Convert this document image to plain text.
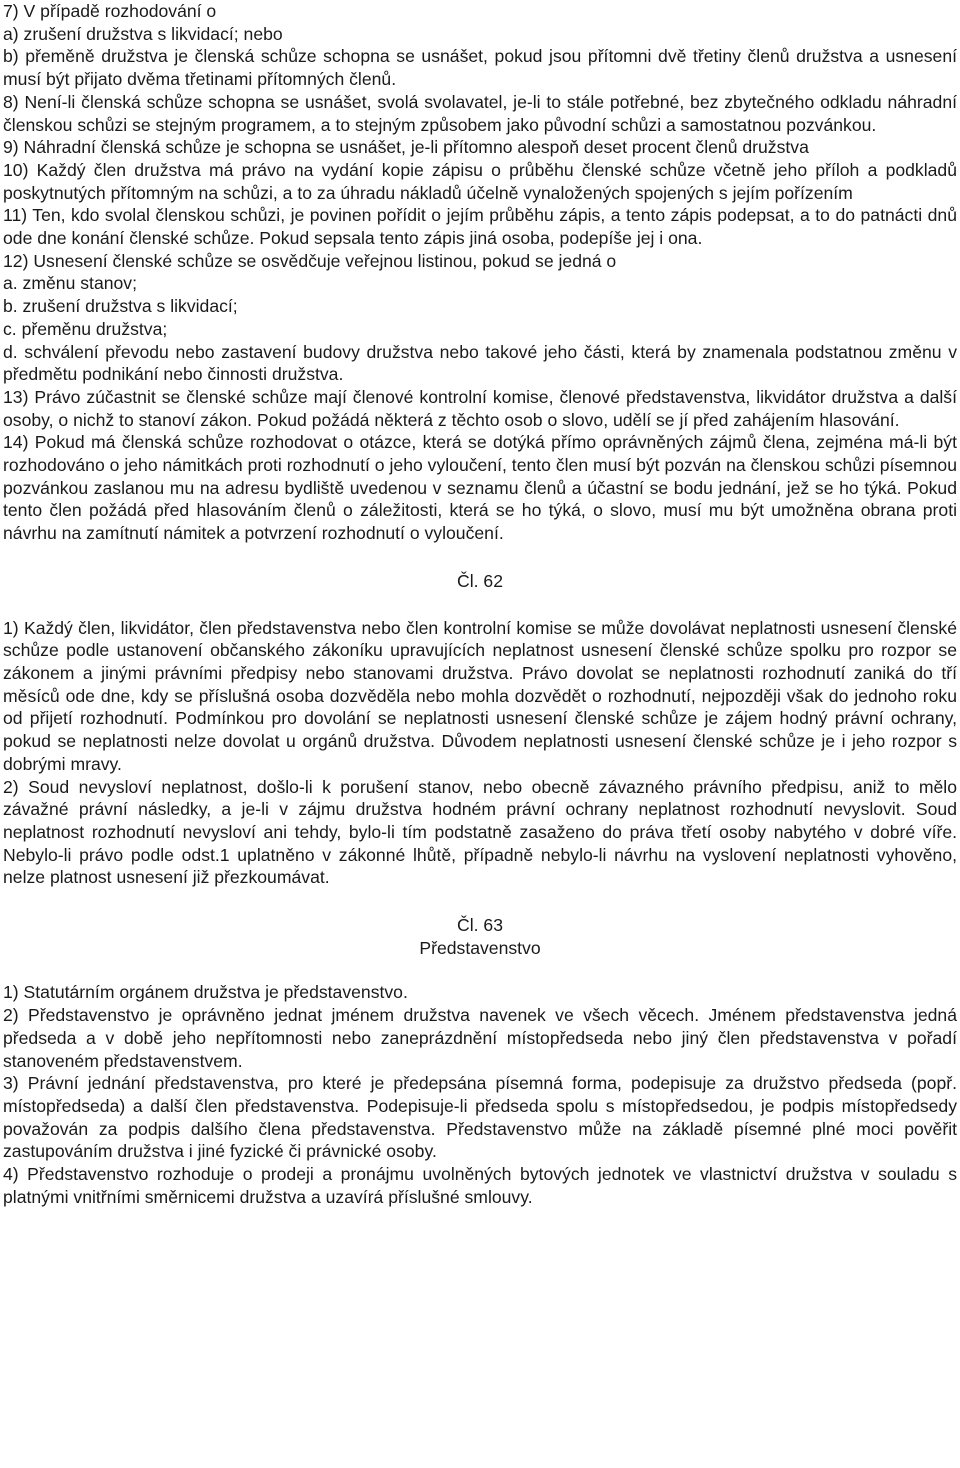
7) V případě rozhodování o

a) zrušení družstva s likvidací; nebo

b) přeměně družstva je členská schůze schopna se usnášet, pokud jsou přítomni dvě třetiny členů družstva a usnesení musí být přijato dvěma třetinami přítomných členů.

8) Není-li členská schůze schopna se usnášet, svolá svolavatel, je-li to stále potřebné, bez zbytečného odkladu náhradní členskou schůzi se stejným programem, a to stejným způsobem jako původní schůzi a samostatnou pozvánkou.

9) Náhradní členská schůze je schopna se usnášet, je-li přítomno alespoň deset procent členů družstva

10) Každý člen družstva má právo na vydání kopie zápisu o průběhu členské schůze včetně jeho příloh a podkladů poskytnutých přítomným na schůzi, a to za úhradu nákladů účelně vynaložených spojených s jejím pořízením

11) Ten, kdo svolal členskou schůzi, je povinen pořídit o jejím průběhu zápis, a tento zápis podepsat, a to do patnácti dnů ode dne konání členské schůze. Pokud sepsala tento zápis jiná osoba, podepíše jej i ona.

12) Usnesení členské schůze se osvědčuje veřejnou listinou, pokud se jedná o

a. změnu stanov;

b. zrušení družstva s likvidací;

c. přeměnu družstva;

d. schválení převodu nebo zastavení budovy družstva nebo takové jeho části, která by znamenala podstatnou změnu v předmětu podnikání nebo činnosti družstva.

13) Právo zúčastnit se členské schůze mají členové kontrolní komise, členové představenstva, likvidátor družstva a další osoby, o nichž to stanoví zákon. Pokud požádá některá z těchto osob o slovo, udělí se jí před zahájením hlasování.

14) Pokud má členská schůze rozhodovat o otázce, která se dotýká přímo oprávněných zájmů člena, zejména má-li být rozhodováno o jeho námitkách proti rozhodnutí o jeho vyloučení, tento člen musí být pozván na členskou schůzi písemnou pozvánkou zaslanou mu na adresu bydliště uvedenou v seznamu členů a účastní se bodu jednání, jež se ho týká. Pokud tento člen požádá před hlasováním členů o záležitosti, která se ho týká, o slovo, musí mu být umožněna obrana proti návrhu na zamítnutí námitek a potvrzení rozhodnutí o vyloučení.

Čl. 62

1) Každý člen, likvidátor, člen představenstva nebo člen kontrolní komise se může dovolávat neplatnosti usnesení členské schůze podle ustanovení občanského zákoníku upravujících neplatnost usnesení členské schůze spolku pro rozpor se zákonem a jinými právními předpisy nebo stanovami družstva. Právo dovolat se neplatnosti rozhodnutí zaniká do tří měsíců ode dne, kdy se příslušná osoba dozvěděla nebo mohla dozvědět o rozhodnutí, nejpozději však do jednoho roku od přijetí rozhodnutí. Podmínkou pro dovolání se neplatnosti usnesení členské schůze je zájem hodný právní ochrany, pokud se neplatnosti nelze dovolat u orgánů družstva. Důvodem neplatnosti usnesení členské schůze je i jeho rozpor s dobrými mravy.

2) Soud nevysloví neplatnost, došlo-li k porušení stanov, nebo obecně závazného právního předpisu, aniž to mělo závažné právní následky, a je-li v zájmu družstva hodném právní ochrany neplatnost rozhodnutí nevyslovit. Soud neplatnost rozhodnutí nevysloví ani tehdy, bylo-li tím podstatně zasaženo do práva třetí osoby nabytého v dobré víře. Nebylo-li právo podle odst.1 uplatněno v zákonné lhůtě, případně nebylo-li návrhu na vyslovení neplatnosti vyhověno, nelze platnost usnesení již přezkoumávat.

Čl. 63

Představenstvo

1) Statutárním orgánem družstva je představenstvo.

2) Představenstvo je oprávněno jednat jménem družstva navenek ve všech věcech. Jménem představenstva jedná předseda a v době jeho nepřítomnosti nebo zaneprázdnění místopředseda nebo jiný člen představenstva v pořadí stanoveném představenstvem.

3) Právní jednání představenstva, pro které je předepsána písemná forma, podepisuje za družstvo předseda (popř. místopředseda) a další člen představenstva. Podepisuje-li předseda spolu s místopředsedou, je podpis místopředsedy považován za podpis dalšího člena představenstva. Představenstvo může na základě písemné plné moci pověřit zastupováním družstva i jiné fyzické či právnické osoby.

4) Představenstvo rozhoduje o prodeji a pronájmu uvolněných bytových jednotek ve vlastnictví družstva v souladu s platnými vnitřními směrnicemi družstva a uzavírá příslušné smlouvy.
